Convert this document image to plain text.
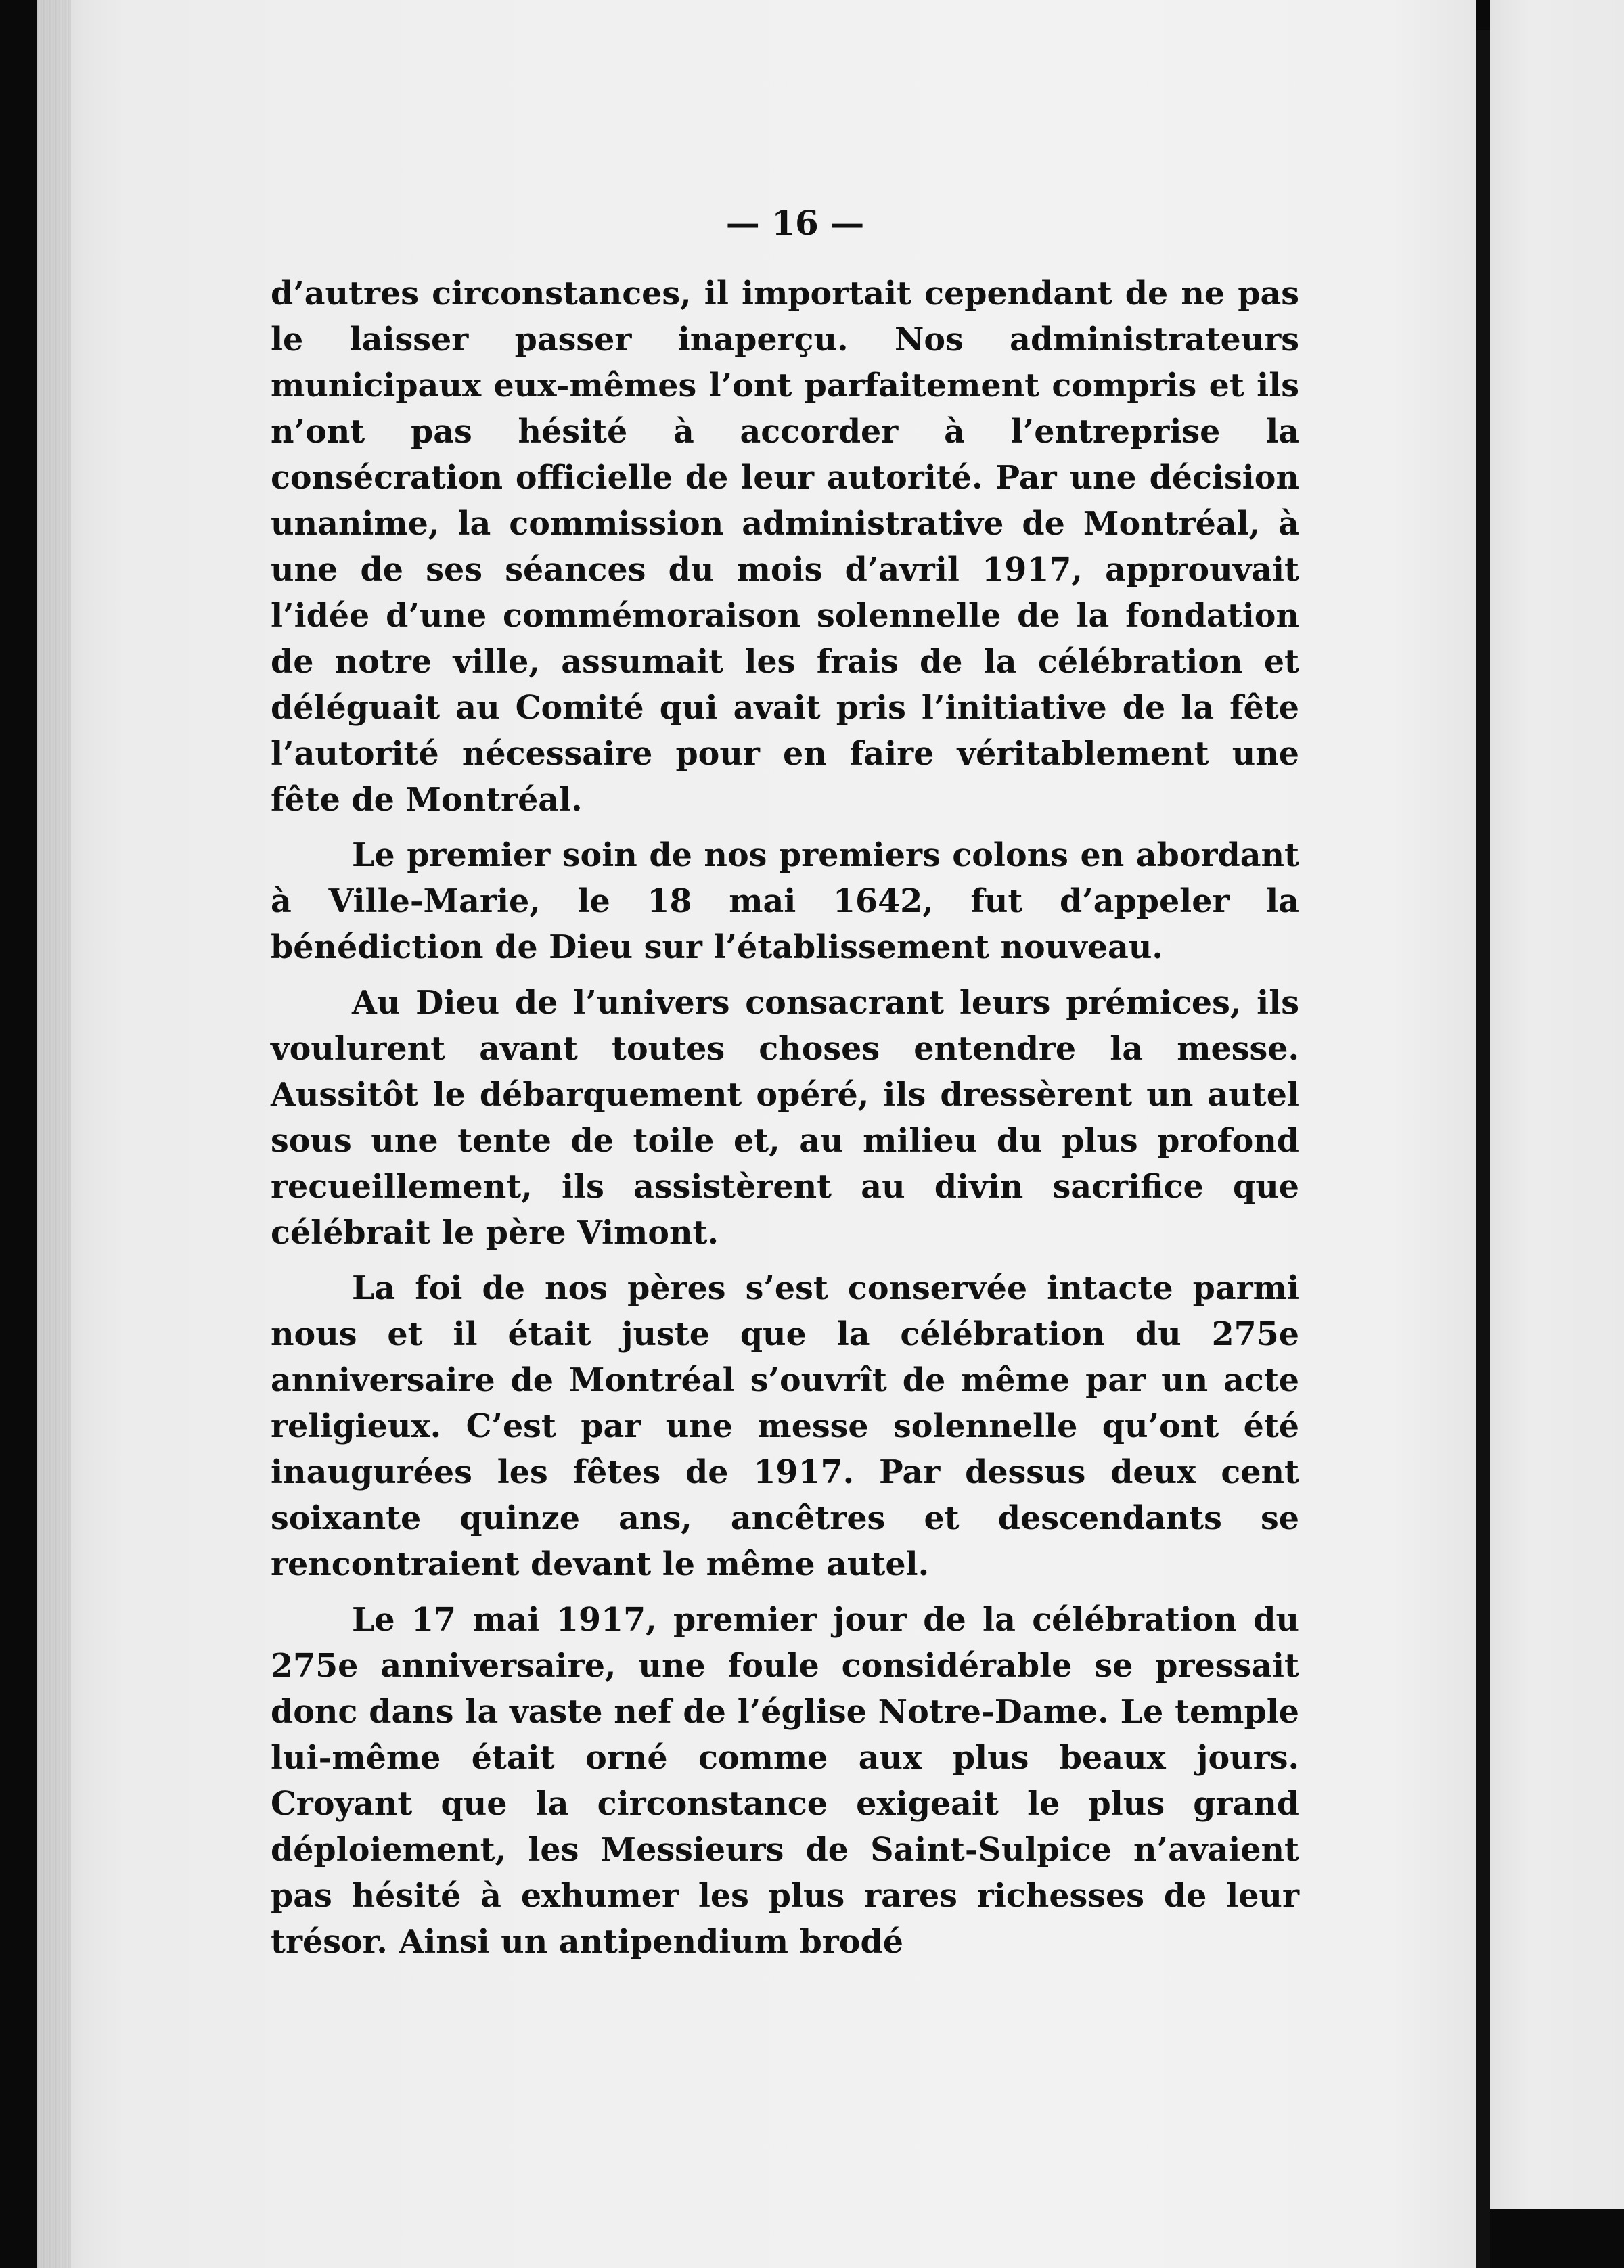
— 16 —

d’autres circonstances, il importait cependant de ne pas le laisser passer inaperçu. Nos administrateurs municipaux eux-mêmes l’ont parfaitement compris et ils n’ont pas hésité à accorder à l’entreprise la consécration officielle de leur autorité. Par une décision unanime, la commission administrative de Montréal, à une de ses séances du mois d’avril 1917, approuvait l’idée d’une commémoraison solennelle de la fondation de notre ville, assumait les frais de la célébration et déléguait au Comité qui avait pris l’initiative de la fête l’autorité nécessaire pour en faire véritablement une fête de Montréal.

Le premier soin de nos premiers colons en abordant à Ville-Marie, le 18 mai 1642, fut d’appeler la bénédiction de Dieu sur l’établissement nouveau.

Au Dieu de l’univers consacrant leurs prémices, ils voulurent avant toutes choses entendre la messe. Aussitôt le débarquement opéré, ils dressèrent un autel sous une tente de toile et, au milieu du plus profond recueillement, ils assistèrent au divin sacrifice que célébrait le père Vimont.

La foi de nos pères s’est conservée intacte parmi nous et il était juste que la célébration du 275e anniversaire de Montréal s’ouvrît de même par un acte religieux. C’est par une messe solennelle qu’ont été inaugurées les fêtes de 1917. Par dessus deux cent soixante quinze ans, ancêtres et descendants se rencontraient devant le même autel.

Le 17 mai 1917, premier jour de la célébration du 275e anniversaire, une foule considérable se pressait donc dans la vaste nef de l’église Notre-Dame. Le temple lui-même était orné comme aux plus beaux jours. Croyant que la circonstance exigeait le plus grand déploiement, les Messieurs de Saint-Sulpice n’avaient pas hésité à exhumer les plus rares richesses de leur trésor. Ainsi un antipendium brodé
